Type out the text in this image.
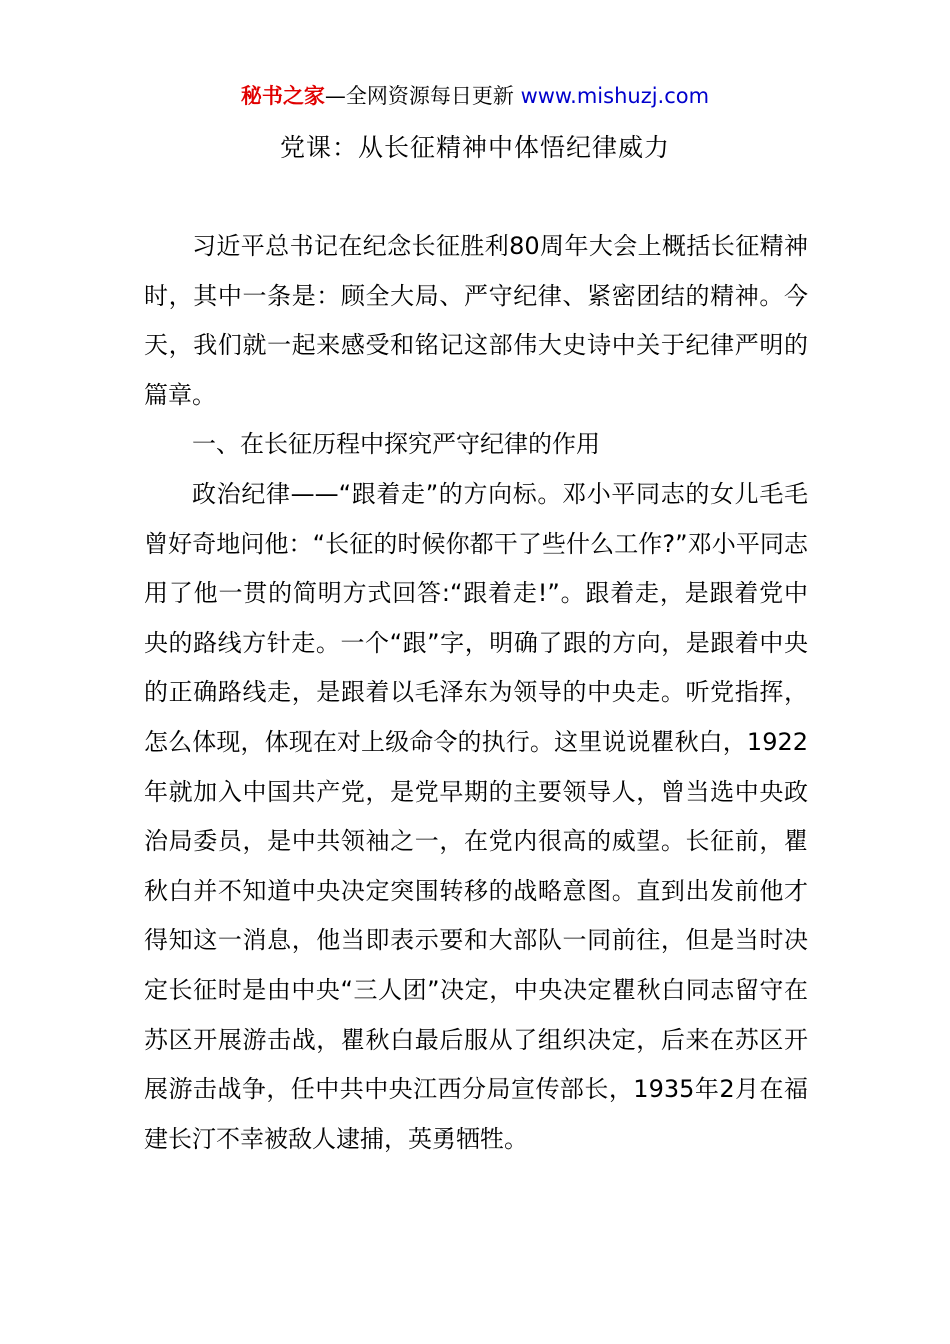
秘书之家—全网资源每日更新 www.mishuzj.com
党课：从长征精神中体悟纪律威力

习近平总书记在纪念长征胜利80周年大会上概括长征精神时，其中一条是：顾全大局、严守纪律、紧密团结的精神。今天，我们就一起来感受和铭记这部伟大史诗中关于纪律严明的篇章。

一、在长征历程中探究严守纪律的作用

政治纪律——“跟着走”的方向标。邓小平同志的女儿毛毛曾好奇地问他：“长征的时候你都干了些什么工作?”邓小平同志用了他一贯的简明方式回答:“跟着走!”。跟着走，是跟着党中央的路线方针走。一个“跟”字，明确了跟的方向，是跟着中央的正确路线走，是跟着以毛泽东为领导的中央走。听党指挥，怎么体现，体现在对上级命令的执行。这里说说瞿秋白，1922年就加入中国共产党，是党早期的主要领导人，曾当选中央政治局委员，是中共领袖之一，在党内很高的威望。长征前，瞿秋白并不知道中央决定突围转移的战略意图。直到出发前他才得知这一消息，他当即表示要和大部队一同前往，但是当时决定长征时是由中央“三人团”决定，中央决定瞿秋白同志留守在苏区开展游击战，瞿秋白最后服从了组织决定，后来在苏区开展游击战争，任中共中央江西分局宣传部长，1935年2月在福建长汀不幸被敌人逮捕，英勇牺牲。
